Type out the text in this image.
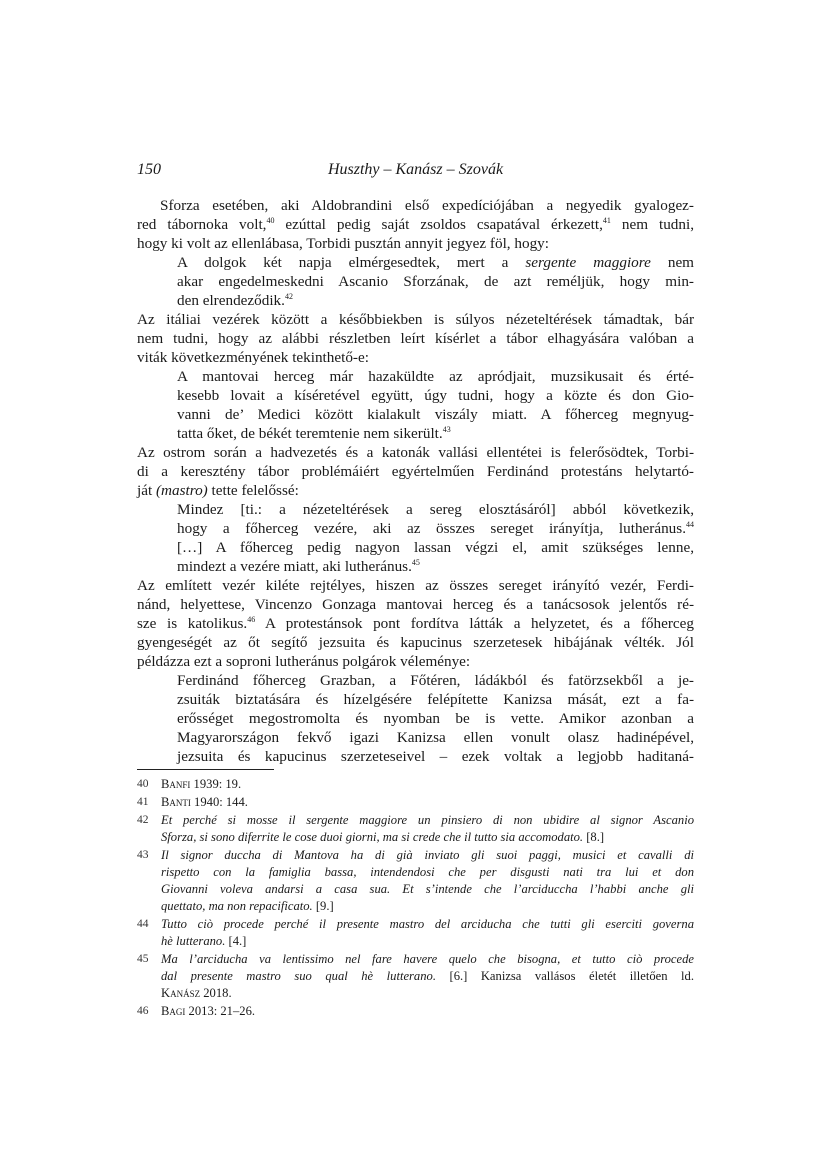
150	Huszthy – Kanász – Szovák
Sforza esetében, aki Aldobrandini első expedíciójában a negyedik gyalogez-
red tábornoka volt,$^{40}$ ezúttal pedig saját zsoldos csapatával érkezett,$^{41}$ nem tudni,
hogy ki volt az ellenlábasa, Torbidi pusztán annyit jegyez föl, hogy:
A dolgok két napja elmérgesedtek, mert a sergente maggiore nem
akar engedelmeskedni Ascanio Sforzának, de azt reméljük, hogy min-
den elrendeződik.$^{42}$
Az itáliai vezérek között a későbbiekben is súlyos nézeteltérések támadtak, bár
nem tudni, hogy az alábbi részletben leírt kísérlet a tábor elhagyására valóban a
viták következményének tekinthető-e:
A mantovai herceg már hazaküldte az apródjait, muzsikusait és érté-
kesebb lovait a kíséretével együtt, úgy tudni, hogy a közte és don Gio-
vanni de’ Medici között kialakult viszály miatt. A főherceg megnyug-
tatta őket, de békét teremtenie nem sikerült.$^{43}$
Az ostrom során a hadvezetés és a katonák vallási ellentétei is felerősödtek, Torbi-
di a keresztény tábor problémáiért egyértelműen Ferdinánd protestáns helytartó-
ját (mastro) tette felelőssé:
Mindez [ti.: a nézeteltérések a sereg elosztásáról] abból következik,
hogy a főherceg vezére, aki az összes sereget irányítja, lutheránus.$^{44}$
[…] A főherceg pedig nagyon lassan végzi el, amit szükséges lenne,
mindezt a vezére miatt, aki lutheránus.$^{45}$
Az említett vezér kiléte rejtélyes, hiszen az összes sereget irányító vezér, Ferdi-
nánd, helyettese, Vincenzo Gonzaga mantovai herceg és a tanácsosok jelentős ré-
sze is katolikus.$^{46}$ A protestánsok pont fordítva látták a helyzetet, és a főherceg
gyengeségét az őt segítő jezsuita és kapucinus szerzetesek hibájának vélték. Jól
példázza ezt a soproni lutheránus polgárok véleménye:
Ferdinánd főherceg Grazban, a Főtéren, ládákból és fatörzsekből a je-
zsuiták biztatására és hízelgésére felépítette Kanizsa mását, ezt a fa-
erősséget megostromolta és nyomban be is vette. Amikor azonban a
Magyarországon fekvő igazi Kanizsa ellen vonult olasz hadinépével,
jezsuita és kapucinus szerzeteseivel – ezek voltak a legjobb haditaná-
40 Banfi 1939: 19.
41 Banti 1940: 144.
42 Et perché si mosse il sergente maggiore un pinsiero di non ubidire al signor Ascanio
Sforza, si sono diferrite le cose duoi giorni, ma si crede che il tutto sia accomodato. [8.]
43 Il signor duccha di Mantova ha di già inviato gli suoi paggi, musici et cavalli di
rispetto con la famiglia bassa, intendendosi che per disgusti nati tra lui et don
Giovanni voleva andarsi a casa sua. Et s’intende che l’arciduccha l’habbi anche gli
quettato, ma non repacificato. [9.]
44 Tutto ciò procede perché il presente mastro del arciducha che tutti gli eserciti governa
hè lutterano. [4.]
45 Ma l’arciducha va lentissimo nel fare havere quelo che bisogna, et tutto ciò procede
dal presente mastro suo qual hè lutterano. [6.] Kanizsa vallásos életét illetően ld.
Kanász 2018.
46 Bagi 2013: 21–26.
